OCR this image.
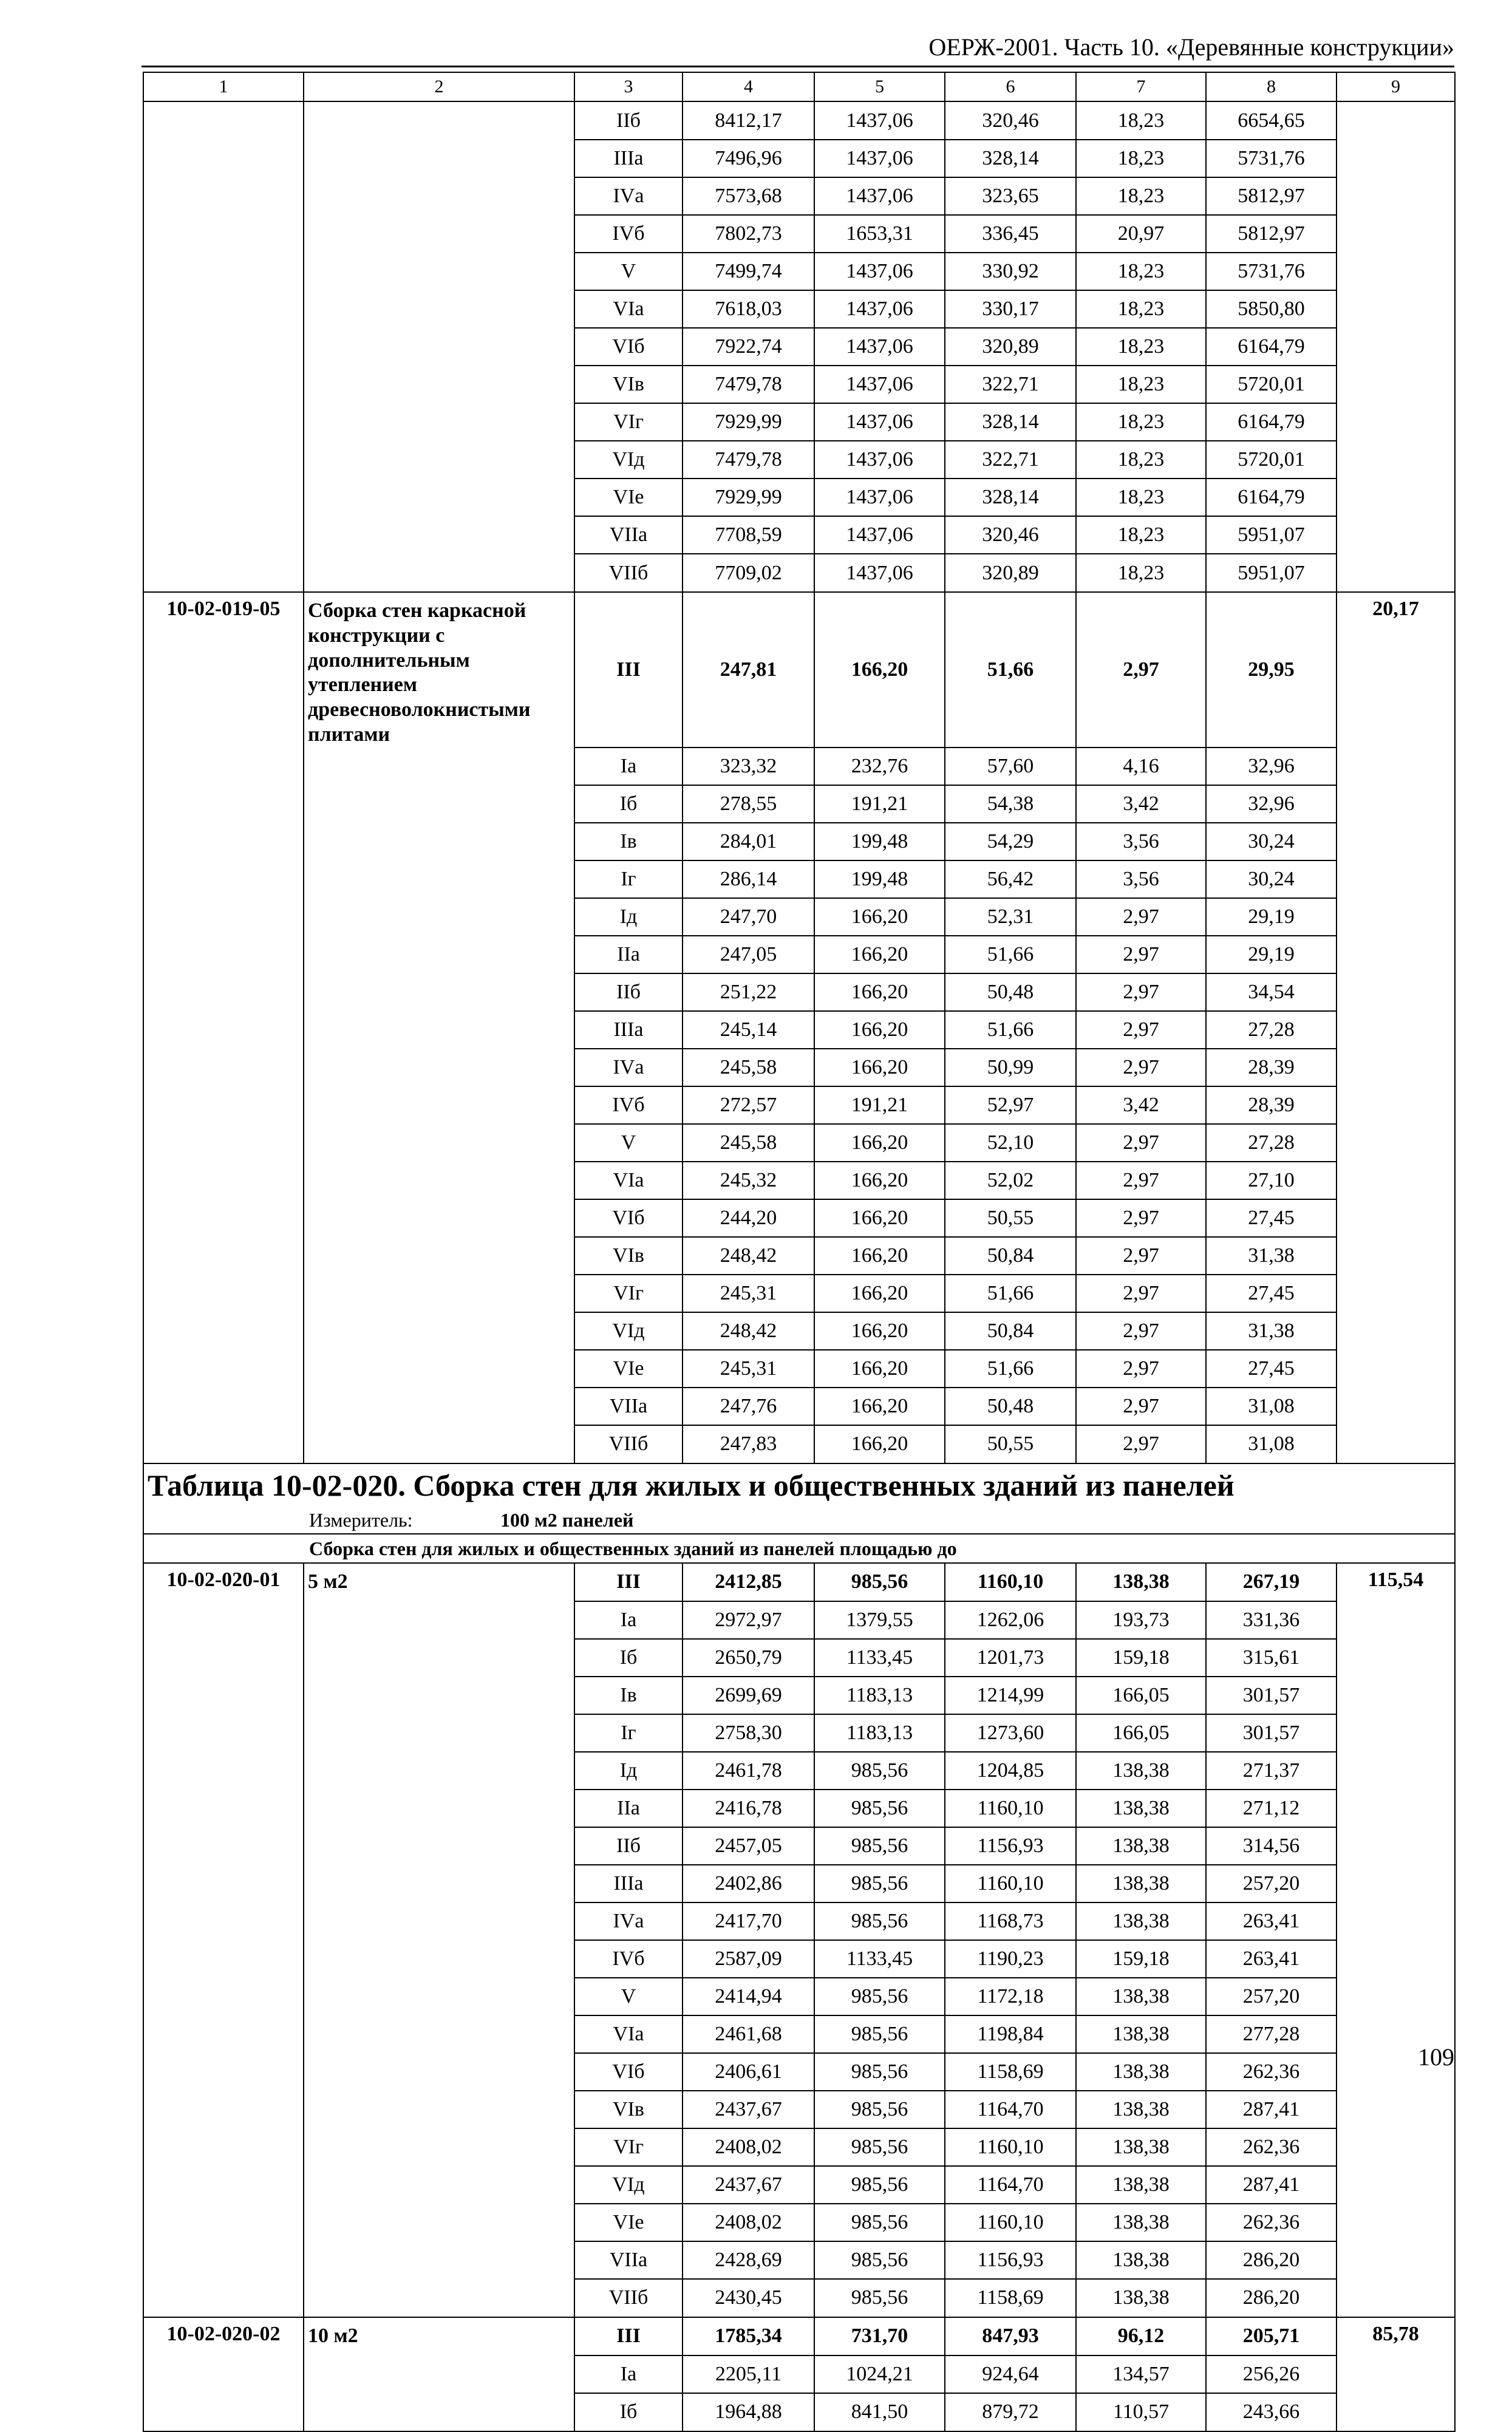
ОЕРЖ-2001. Часть 10. «Деревянные конструкции»
1	2	3	4	5	6	7	8	9
		IIб	8412,17	1437,06	320,46	18,23	6654,65	
		IIIа	7496,96	1437,06	328,14	18,23	5731,76	
		IVа	7573,68	1437,06	323,65	18,23	5812,97	
		IVб	7802,73	1653,31	336,45	20,97	5812,97	
		V	7499,74	1437,06	330,92	18,23	5731,76	
		VIа	7618,03	1437,06	330,17	18,23	5850,80	
		VIб	7922,74	1437,06	320,89	18,23	6164,79	
		VIв	7479,78	1437,06	322,71	18,23	5720,01	
		VIг	7929,99	1437,06	328,14	18,23	6164,79	
		VIд	7479,78	1437,06	322,71	18,23	5720,01	
		VIе	7929,99	1437,06	328,14	18,23	6164,79	
		VIIа	7708,59	1437,06	320,46	18,23	5951,07	
		VIIб	7709,02	1437,06	320,89	18,23	5951,07	
10-02-019-05	Сборка стен каркасной конструкции с дополнительным утеплением древесноволокнистыми плитами	III	247,81	166,20	51,66	2,97	29,95	20,17
		Iа	323,32	232,76	57,60	4,16	32,96	
		Iб	278,55	191,21	54,38	3,42	32,96	
		Iв	284,01	199,48	54,29	3,56	30,24	
		Iг	286,14	199,48	56,42	3,56	30,24	
		Iд	247,70	166,20	52,31	2,97	29,19	
		IIа	247,05	166,20	51,66	2,97	29,19	
		IIб	251,22	166,20	50,48	2,97	34,54	
		IIIа	245,14	166,20	51,66	2,97	27,28	
		IVа	245,58	166,20	50,99	2,97	28,39	
		IVб	272,57	191,21	52,97	3,42	28,39	
		V	245,58	166,20	52,10	2,97	27,28	
		VIа	245,32	166,20	52,02	2,97	27,10	
		VIб	244,20	166,20	50,55	2,97	27,45	
		VIв	248,42	166,20	50,84	2,97	31,38	
		VIг	245,31	166,20	51,66	2,97	27,45	
		VIд	248,42	166,20	50,84	2,97	31,38	
		VIе	245,31	166,20	51,66	2,97	27,45	
		VIIа	247,76	166,20	50,48	2,97	31,08	
		VIIб	247,83	166,20	50,55	2,97	31,08	
Таблица 10-02-020. Сборка стен для жилых и общественных зданий из панелей								
Измеритель: 100 м2 панелей								
Сборка стен для жилых и общественных зданий из панелей площадью до								
10-02-020-01	5 м2	III	2412,85	985,56	1160,10	138,38	267,19	115,54
		Iа	2972,97	1379,55	1262,06	193,73	331,36	
		Iб	2650,79	1133,45	1201,73	159,18	315,61	
		Iв	2699,69	1183,13	1214,99	166,05	301,57	
		Iг	2758,30	1183,13	1273,60	166,05	301,57	
		Iд	2461,78	985,56	1204,85	138,38	271,37	
		IIа	2416,78	985,56	1160,10	138,38	271,12	
		IIб	2457,05	985,56	1156,93	138,38	314,56	
		IIIа	2402,86	985,56	1160,10	138,38	257,20	
		IVа	2417,70	985,56	1168,73	138,38	263,41	
		IVб	2587,09	1133,45	1190,23	159,18	263,41	
		V	2414,94	985,56	1172,18	138,38	257,20	
		VIа	2461,68	985,56	1198,84	138,38	277,28	
		VIб	2406,61	985,56	1158,69	138,38	262,36	
		VIв	2437,67	985,56	1164,70	138,38	287,41	
		VIг	2408,02	985,56	1160,10	138,38	262,36	
		VIд	2437,67	985,56	1164,70	138,38	287,41	
		VIе	2408,02	985,56	1160,10	138,38	262,36	
		VIIа	2428,69	985,56	1156,93	138,38	286,20	
		VIIб	2430,45	985,56	1158,69	138,38	286,20	
10-02-020-02	10 м2	III	1785,34	731,70	847,93	96,12	205,71	85,78
		Iа	2205,11	1024,21	924,64	134,57	256,26	
		Iб	1964,88	841,50	879,72	110,57	243,66	
109
